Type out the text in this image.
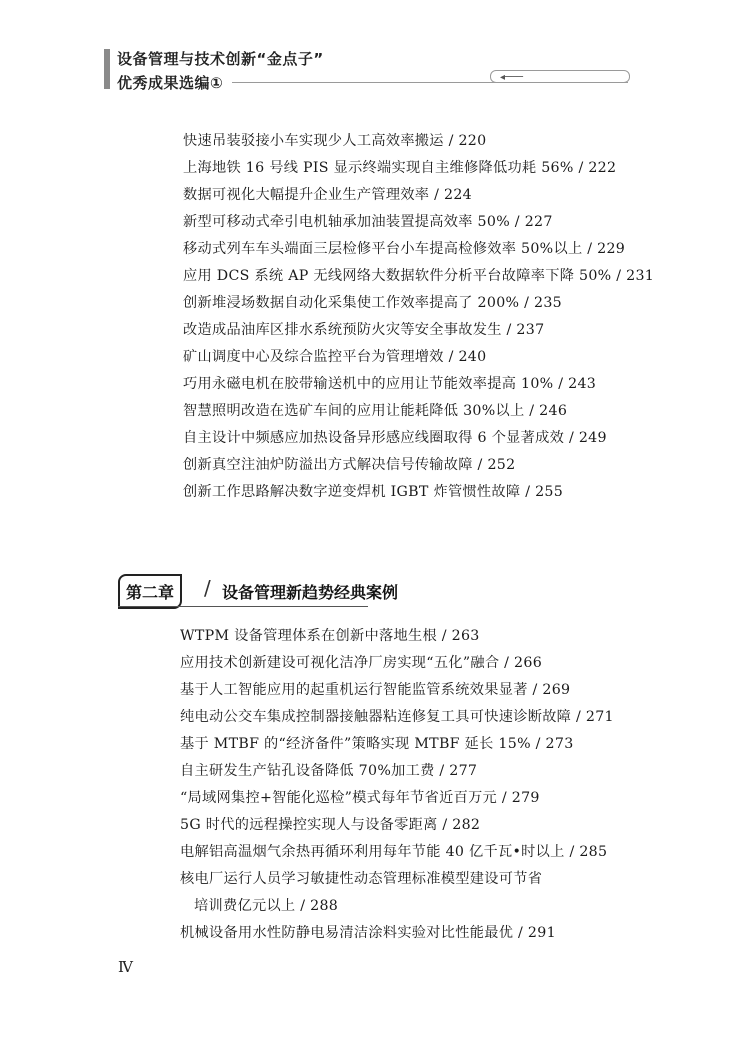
设备管理与技术创新“金点子”
优秀成果选编①	◂───
快速吊装驳接小车实现少人工高效率搬运 / 220
上海地铁 16 号线 PIS 显示终端实现自主维修降低功耗 56% / 222
数据可视化大幅提升企业生产管理效率 / 224
新型可移动式牵引电机轴承加油装置提高效率 50% / 227
移动式列车车头端面三层检修平台小车提高检修效率 50%以上 / 229
应用 DCS 系统 AP 无线网络大数据软件分析平台故障率下降 50% / 231
创新堆浸场数据自动化采集使工作效率提高了 200% / 235
改造成品油库区排水系统预防火灾等安全事故发生 / 237
矿山调度中心及综合监控平台为管理增效 / 240
巧用永磁电机在胶带输送机中的应用让节能效率提高 10% / 243
智慧照明改造在选矿车间的应用让能耗降低 30%以上 / 246
自主设计中频感应加热设备异形感应线圈取得 6 个显著成效 / 249
创新真空注油炉防溢出方式解决信号传输故障 / 252
创新工作思路解决数字逆变焊机 IGBT 炸管惯性故障 / 255
第二章	/ 设备管理新趋势经典案例
WTPM 设备管理体系在创新中落地生根 / 263
应用技术创新建设可视化洁净厂房实现“五化”融合 / 266
基于人工智能应用的起重机运行智能监管系统效果显著 / 269
纯电动公交车集成控制器接触器粘连修复工具可快速诊断故障 / 271
基于 MTBF 的“经济备件”策略实现 MTBF 延长 15% / 273
自主研发生产钻孔设备降低 70%加工费 / 277
“局域网集控+智能化巡检”模式每年节省近百万元 / 279
5G 时代的远程操控实现人与设备零距离 / 282
电解铝高温烟气余热再循环利用每年节能 40 亿千瓦•时以上 / 285
核电厂运行人员学习敏捷性动态管理标准模型建设可节省
培训费亿元以上 / 288
机械设备用水性防静电易清洁涂料实验对比性能最优 / 291
Ⅳ
